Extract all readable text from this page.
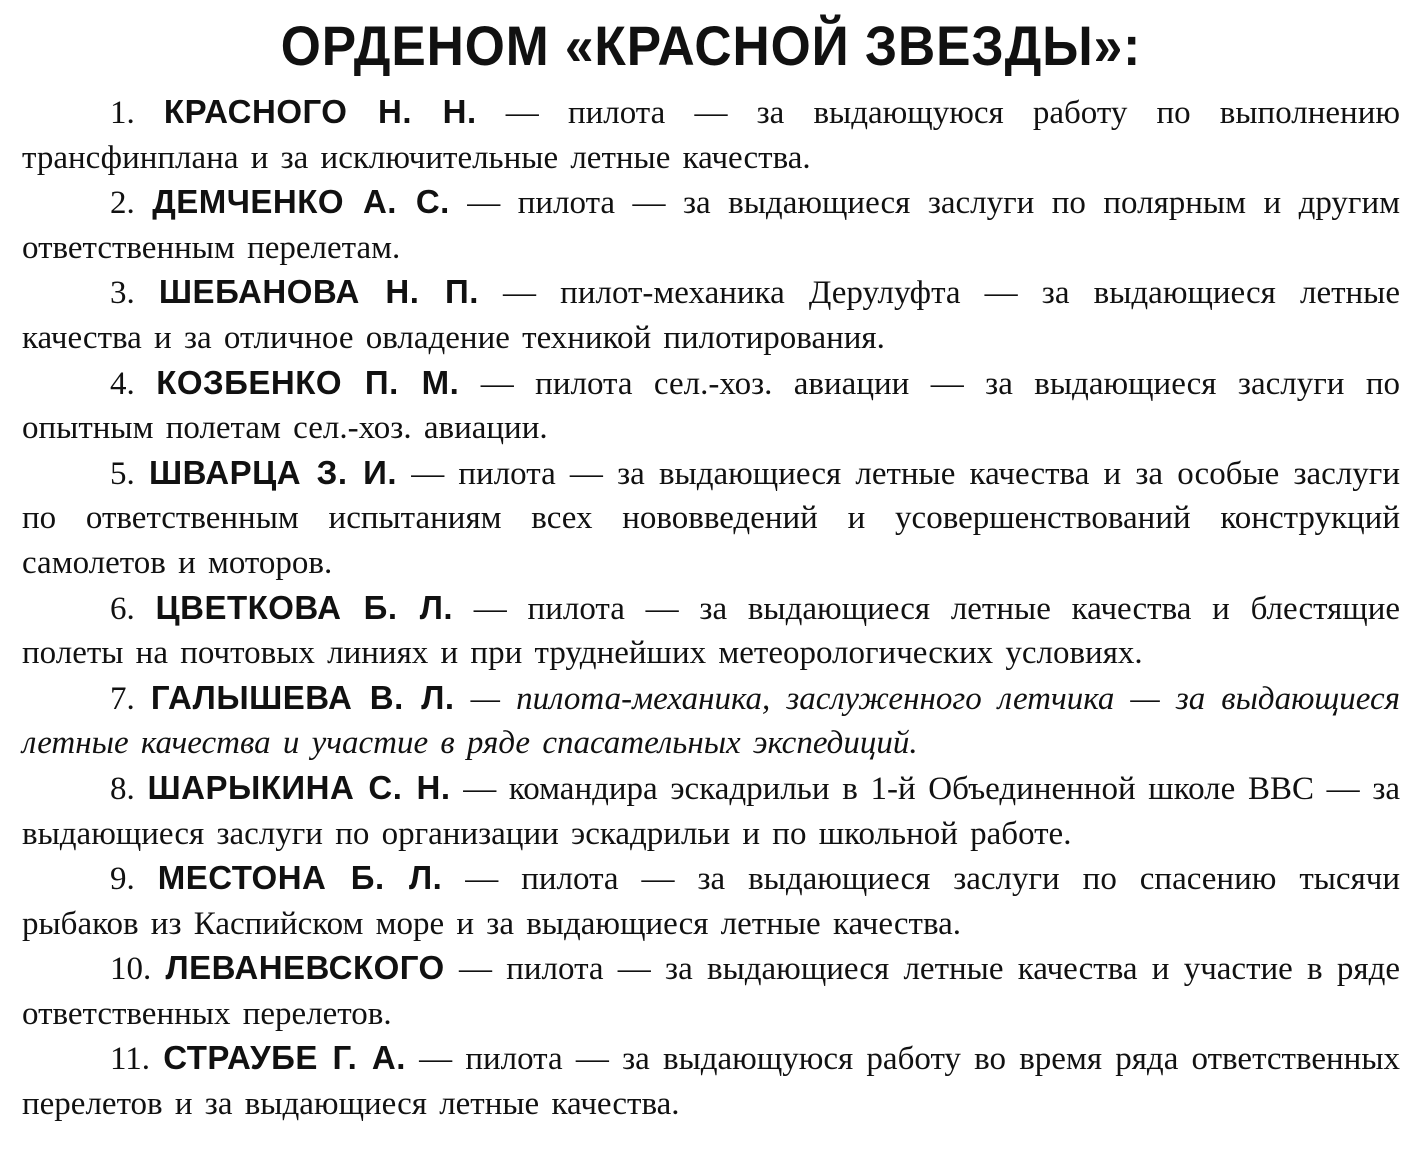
ОРДЕНОМ «КРАСНОЙ ЗВЕЗДЫ»:

1. КРАСНОГО Н. Н. — пилота — за выдающуюся работу по выполнению трансфинплана и за исключительные летные качества.

2. ДЕМЧЕНКО А. С. — пилота — за выдающиеся заслуги по полярным и другим ответственным перелетам.

3. ШЕБАНОВА Н. П. — пилот-механика Дерулуфта — за выдающиеся летные качества и за отличное овладение техникой пилотирования.

4. КОЗБЕНКО П. М. — пилота сел.-хоз. авиации — за выдающиеся заслуги по опытным полетам сел.-хоз. авиации.

5. ШВАРЦА З. И. — пилота — за выдающиеся летные качества и за особые заслуги по ответственным испытаниям всех нововведений и усовершенствований конструкций самолетов и моторов.

6. ЦВЕТКОВА Б. Л. — пилота — за выдающиеся летные качества и блестящие полеты на почтовых линиях и при труднейших метеорологических условиях.

7. ГАЛЫШЕВА В. Л. — пилота-механика, заслуженного летчика — за выдающиеся летные качества и участие в ряде спасательных экспедиций.

8. ШАРЫКИНА С. Н. — командира эскадрильи в 1-й Объединенной школе ВВС — за выдающиеся заслуги по организации эскадрильи и по школьной работе.

9. МЕСТОНА Б. Л. — пилота — за выдающиеся заслуги по спасению тысячи рыбаков из Каспийском море и за выдающиеся летные качества.

10. ЛЕВАНЕВСКОГО — пилота — за выдающиеся летные качества и участие в ряде ответственных перелетов.

11. СТРАУБЕ Г. А. — пилота — за выдающуюся работу во время ряда ответственных перелетов и за выдающиеся летные качества.
